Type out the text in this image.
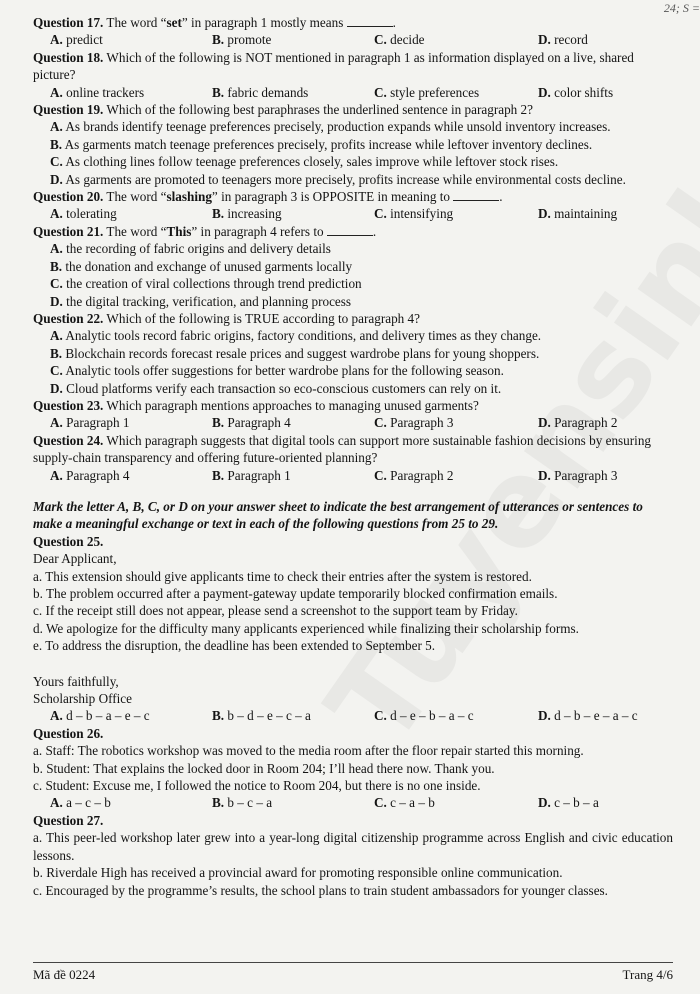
24; S =
Question 17. The word “set” in paragraph 1 mostly means	.
A. predict	B. promote	C. decide	D. record
Question 18. Which of the following is NOT mentioned in paragraph 1 as information displayed on a live, shared picture?
A. online trackers	B. fabric demands	C. style preferences	D. color shifts
Question 19. Which of the following best paraphrases the underlined sentence in paragraph 2?
A. As brands identify teenage preferences precisely, production expands while unsold inventory increases.
B. As garments match teenage preferences precisely, profits increase while leftover inventory declines.
C. As clothing lines follow teenage preferences closely, sales improve while leftover stock rises.
D. As garments are promoted to teenagers more precisely, profits increase while environmental costs decline.
Question 20. The word “slashing” in paragraph 3 is OPPOSITE in meaning to	.
A. tolerating	B. increasing	C. intensifying	D. maintaining
Question 21. The word “This” in paragraph 4 refers to	.
A. the recording of fabric origins and delivery details
B. the donation and exchange of unused garments locally
C. the creation of viral collections through trend prediction
D. the digital tracking, verification, and planning process
Question 22. Which of the following is TRUE according to paragraph 4?
A. Analytic tools record fabric origins, factory conditions, and delivery times as they change.
B. Blockchain records forecast resale prices and suggest wardrobe plans for young shoppers.
C. Analytic tools offer suggestions for better wardrobe plans for the following season.
D. Cloud platforms verify each transaction so eco-conscious customers can rely on it.
Question 23. Which paragraph mentions approaches to managing unused garments?
A. Paragraph 1	B. Paragraph 4	C. Paragraph 3	D. Paragraph 2
Question 24. Which paragraph suggests that digital tools can support more sustainable fashion decisions by ensuring supply-chain transparency and offering future-oriented planning?
A. Paragraph 4	B. Paragraph 1	C. Paragraph 2	D. Paragraph 3
Mark the letter A, B, C, or D on your answer sheet to indicate the best arrangement of utterances or sentences to make a meaningful exchange or text in each of the following questions from 25 to 29.
Question 25.
Dear Applicant,
a. This extension should give applicants time to check their entries after the system is restored.
b. The problem occurred after a payment-gateway update temporarily blocked confirmation emails.
c. If the receipt still does not appear, please send a screenshot to the support team by Friday.
d. We apologize for the difficulty many applicants experienced while finalizing their scholarship forms.
e. To address the disruption, the deadline has been extended to September 5.
Yours faithfully,
Scholarship Office
A. d – b – a – e – c	B. b – d – e – c – a	C. d – e – b – a – c	D. d – b – e – a – c
Question 26.
a. Staff: The robotics workshop was moved to the media room after the floor repair started this morning.
b. Student: That explains the locked door in Room 204; I’ll head there now. Thank you.
c. Student: Excuse me, I followed the notice to Room 204, but there is no one inside.
A. a – c – b	B. b – c – a	C. c – a – b	D. c – b – a
Question 27.
a. This peer-led workshop later grew into a year-long digital citizenship programme across English and civic education lessons.
b. Riverdale High has received a provincial award for promoting responsible online communication.
c. Encouraged by the programme’s results, the school plans to train student ambassadors for younger classes.
Mã đề 0224	Trang 4/6
